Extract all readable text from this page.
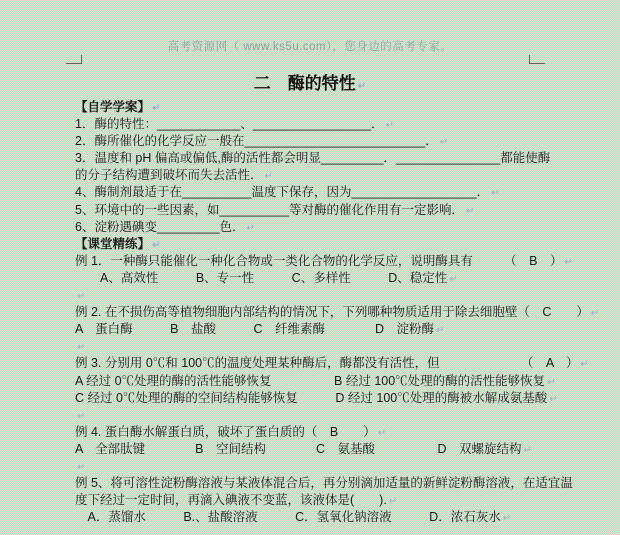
高考资源网（ www.ks5u.com），您身边的高考专家。
二　酶的特性 ↵
【自学学案】 ↵
1．酶的特性：____________、_________________． ↵
2．酶所催化的化学反应一般在__________________________． ↵
3．温度和 pH 偏高或偏低,酶的活性都会明显_________．_______________都能使酶
的分子结构遭到破坏而失去活性． ↵
4、酶制剂最适于在__________温度下保存，因为__________________． ↵
5、环境中的一些因素，如__________等对酶的催化作用有一定影响． ↵
6、淀粉遇碘变_________色． ↵
【课堂精练】 ↵
例 1．一种酶只能催化一种化合物或一类化合物的化学反应，说明酶具有　　　（　B　） ↵
　　A、高效性　　　B、专一性　　　C、多样性　　　D、稳定性 ↵
↵
例 2. 在不损伤高等植物细胞内部结构的情况下，下列哪种物质适用于除去细胞壁（　C　　） ↵
A　蛋白酶　　　B　盐酸　　　C　纤维素酶　　　　D　淀粉酶 ↵
↵
例 3. 分别用 0℃和 100℃的温度处理某种酶后，酶都没有活性，但　　　　　　　（　A　） ↵
A 经过 0℃处理的酶的活性能够恢复　　　　　B 经过 100℃处理的酶的活性能够恢复 ↵
C 经过 0℃处理的酶的空间结构能够恢复　　　D 经过 100℃处理的酶被水解成氨基酸 ↵
↵
例 4. 蛋白酶水解蛋白质，破坏了蛋白质的（　B　　） ↵
A　全部肽键　　　　B　空间结构　　　　C　氨基酸　　　　　D　双螺旋结构 ↵
↵
例 5、将可溶性淀粉酶溶液与某液体混合后，再分别滴加适量的新鲜淀粉酶溶液，在适宜温
度下经过一定时间，再滴入碘液不变蓝，该液体是(　　). ↵
　A．蒸馏水　　　B.、盐酸溶液　　　C．氢氧化钠溶液　　　D．浓石灰水 ↵
